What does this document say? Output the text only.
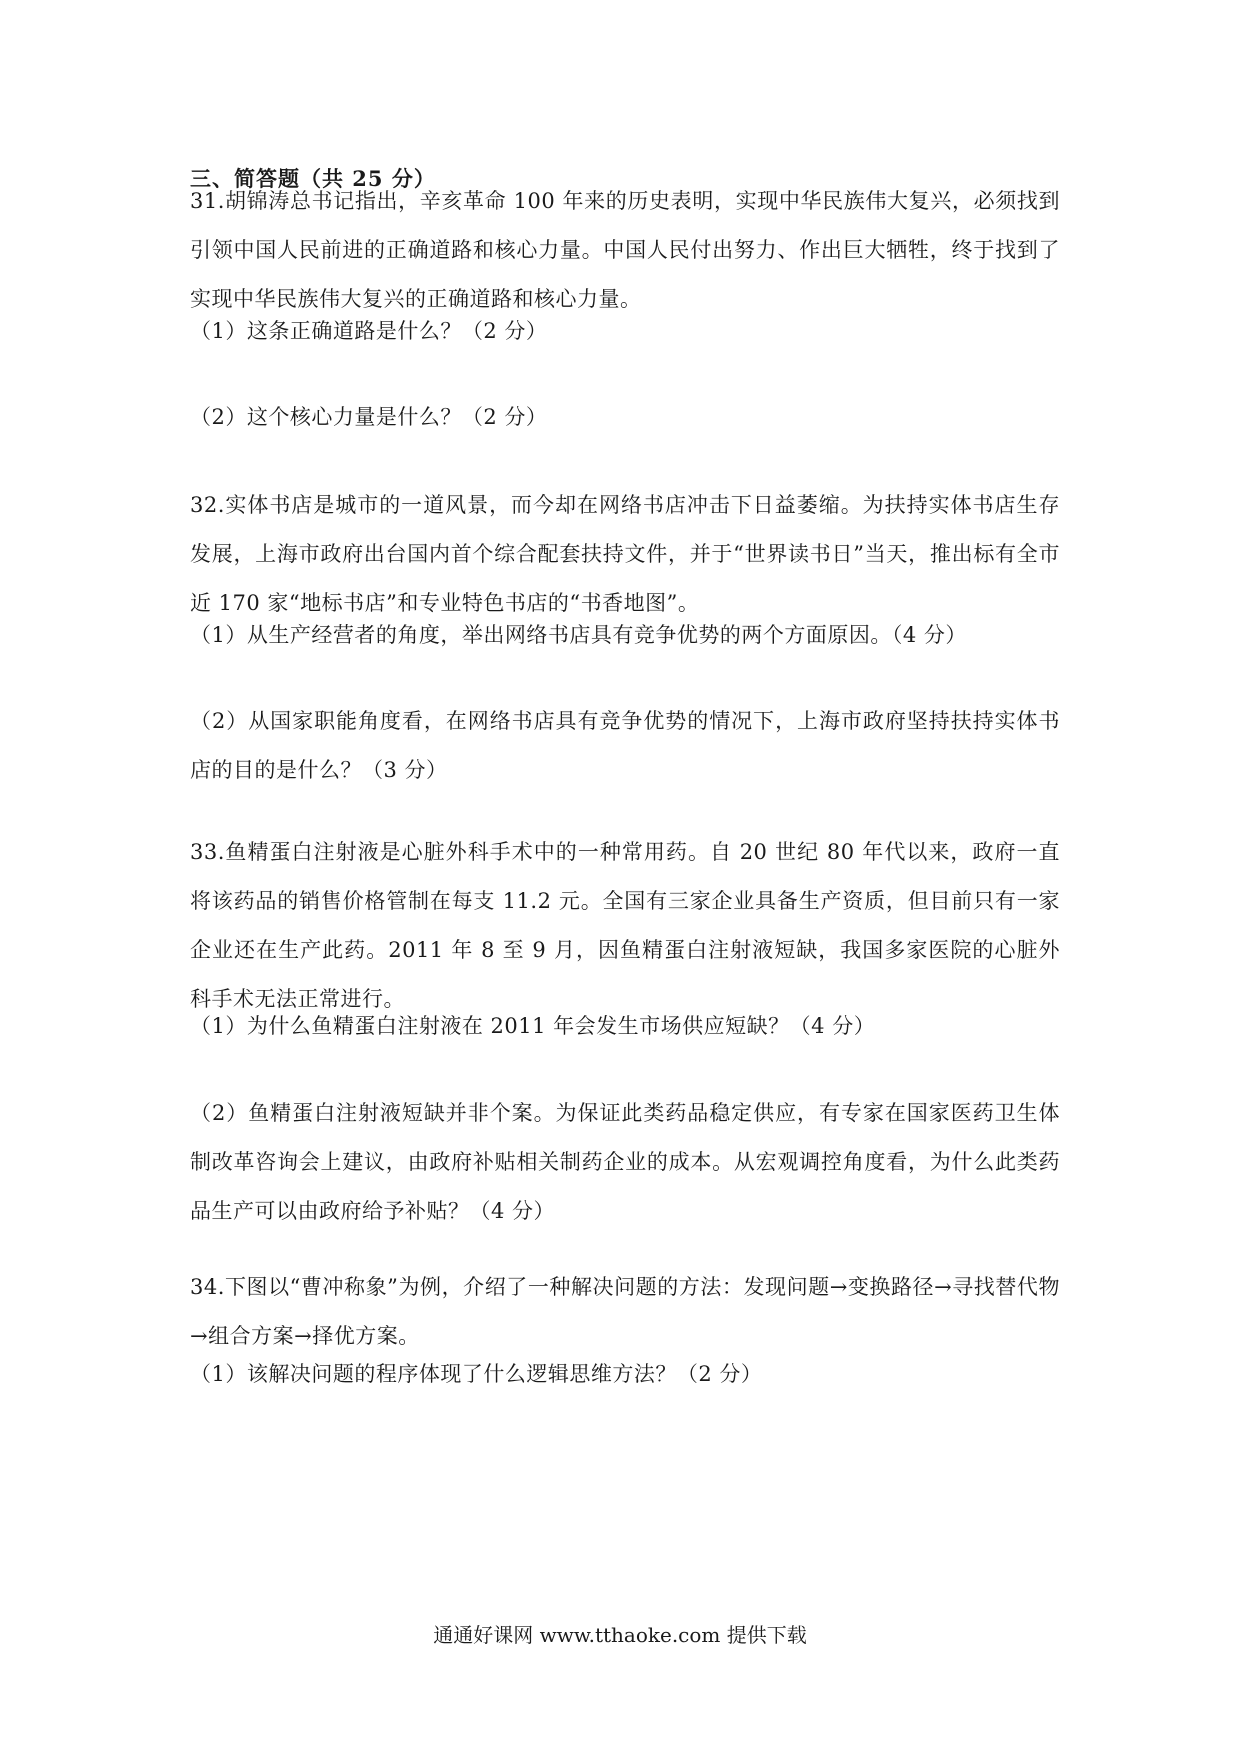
三、简答题（共 25 分）

31.胡锦涛总书记指出，辛亥革命 100 年来的历史表明，实现中华民族伟大复兴，必须找到引领中国人民前进的正确道路和核心力量。中国人民付出努力、作出巨大牺牲，终于找到了实现中华民族伟大复兴的正确道路和核心力量。

（1）这条正确道路是什么？（2 分）

（2）这个核心力量是什么？（2 分）

32.实体书店是城市的一道风景，而今却在网络书店冲击下日益萎缩。为扶持实体书店生存发展，上海市政府出台国内首个综合配套扶持文件，并于“世界读书日”当天，推出标有全市近 170 家“地标书店”和专业特色书店的“书香地图”。

（1）从生产经营者的角度，举出网络书店具有竞争优势的两个方面原因。（4 分）

（2）从国家职能角度看，在网络书店具有竞争优势的情况下，上海市政府坚持扶持实体书店的目的是什么？（3 分）

33.鱼精蛋白注射液是心脏外科手术中的一种常用药。自 20 世纪 80 年代以来，政府一直将该药品的销售价格管制在每支 11.2 元。全国有三家企业具备生产资质，但目前只有一家企业还在生产此药。2011 年 8 至 9 月，因鱼精蛋白注射液短缺，我国多家医院的心脏外科手术无法正常进行。

（1）为什么鱼精蛋白注射液在 2011 年会发生市场供应短缺？（4 分）

（2）鱼精蛋白注射液短缺并非个案。为保证此类药品稳定供应，有专家在国家医药卫生体制改革咨询会上建议，由政府补贴相关制药企业的成本。从宏观调控角度看，为什么此类药品生产可以由政府给予补贴？（4 分）

34.下图以“曹冲称象”为例，介绍了一种解决问题的方法：发现问题→变换路径→寻找替代物→组合方案→择优方案。

（1）该解决问题的程序体现了什么逻辑思维方法？（2 分）

通通好课网 www.tthaoke.com 提供下载
